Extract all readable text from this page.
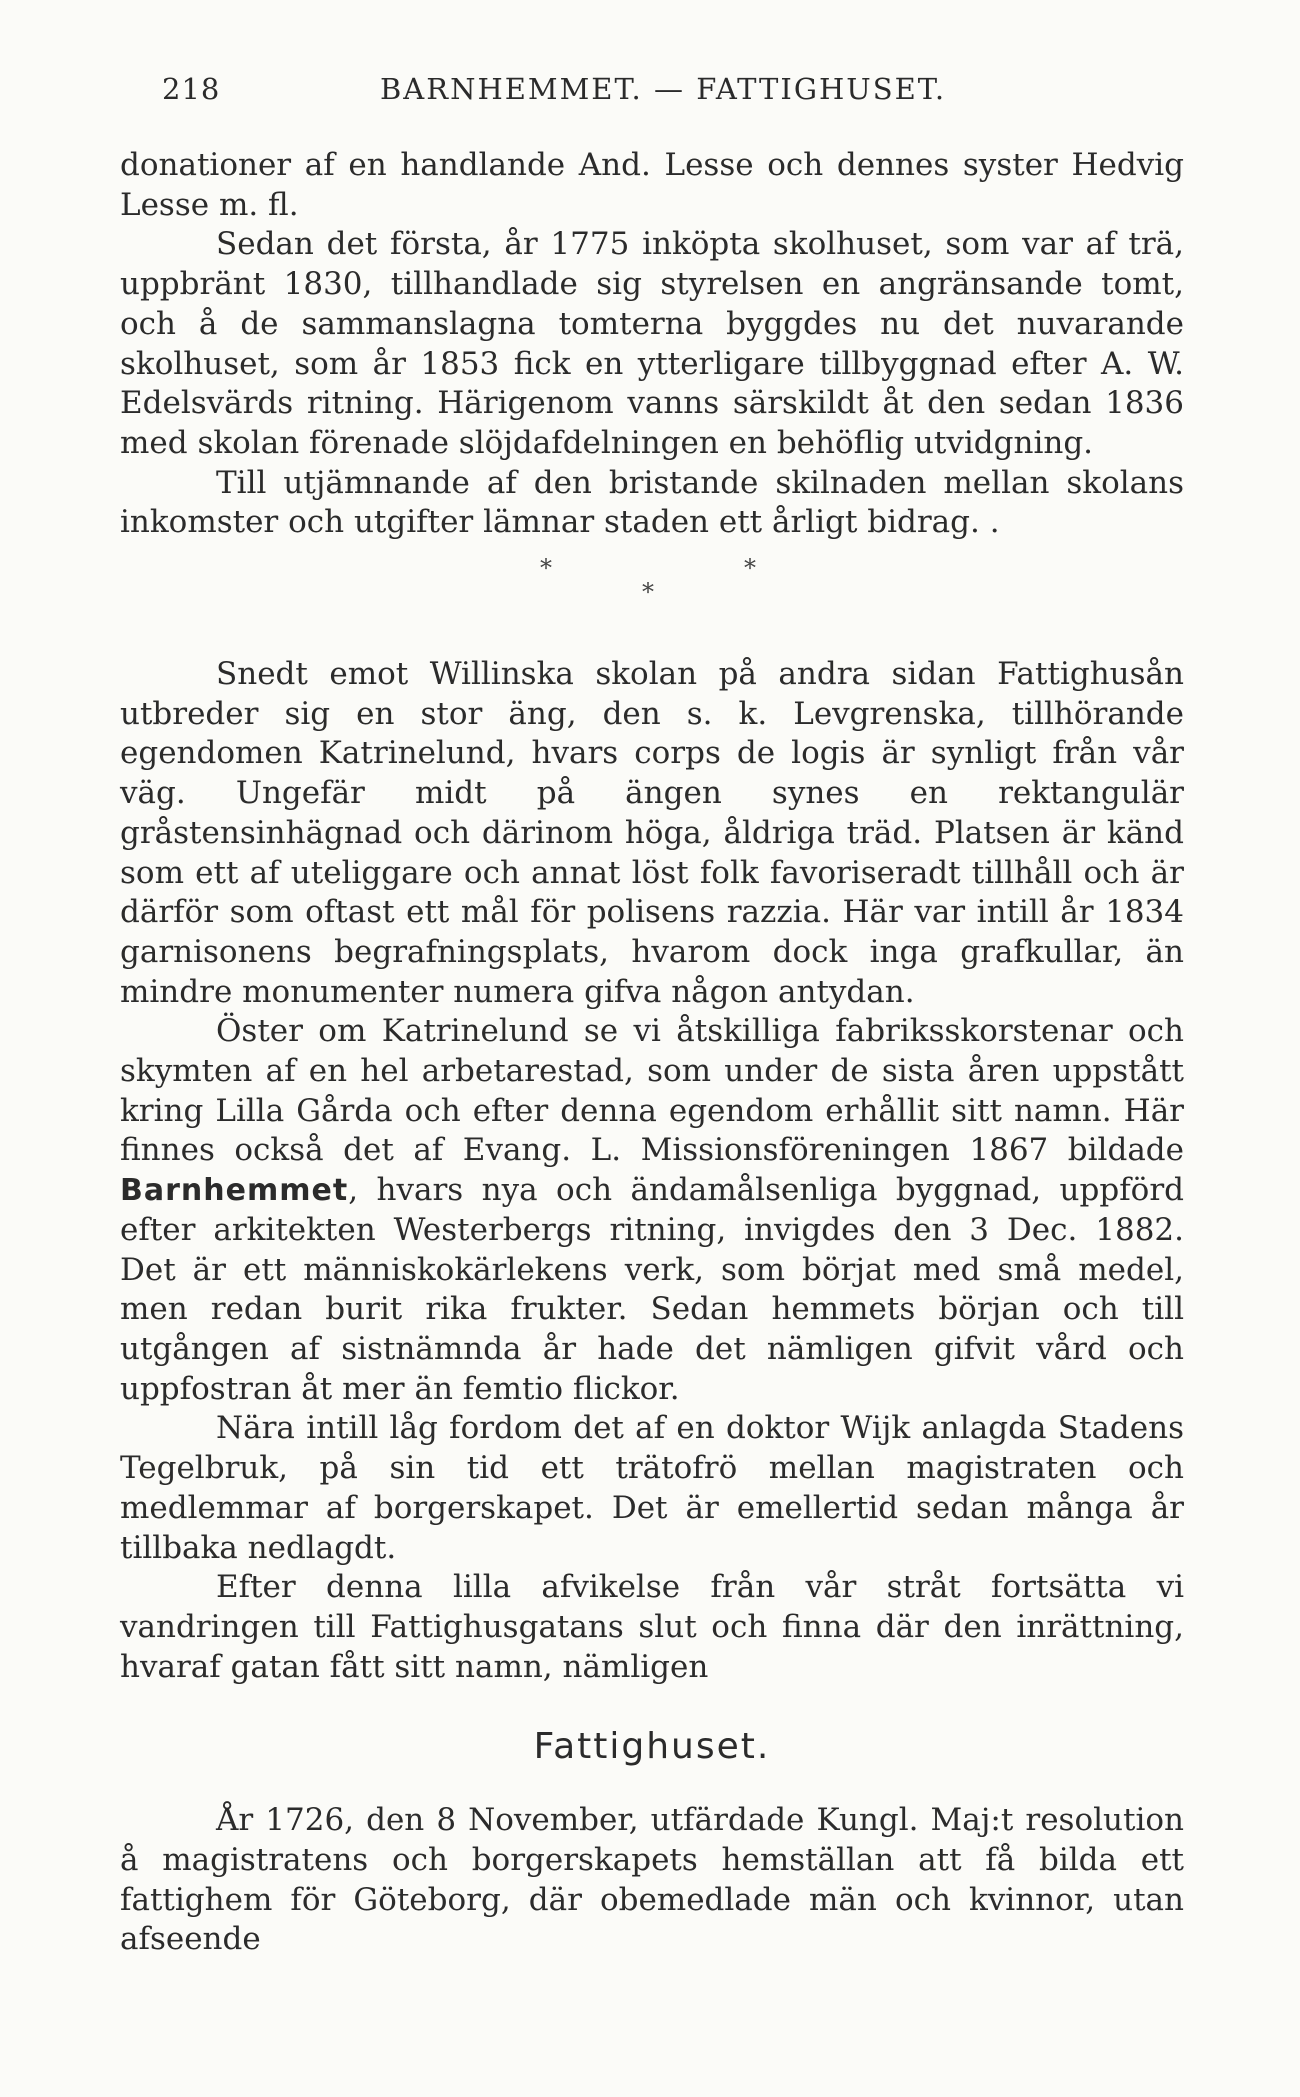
218	BARNHEMMET. — FATTIGHUSET.

donationer af en handlande And. Lesse och dennes syster Hedvig Lesse m. fl.

Sedan det första, år 1775 inköpta skolhuset, som var af trä, uppbränt 1830, tillhandlade sig styrelsen en angränsande tomt, och å de sammanslagna tomterna byggdes nu det nuvarande skolhuset, som år 1853 fick en ytterligare tillbyggnad efter A. W. Edelsvärds ritning. Härigenom vanns särskildt åt den sedan 1836 med skolan förenade slöjdafdelningen en behöflig utvidgning.

Till utjämnande af den bristande skilnaden mellan skolans inkomster och utgifter lämnar staden ett årligt bidrag. .

*	*
*

Snedt emot Willinska skolan på andra sidan Fattighusån utbreder sig en stor äng, den s. k. Levgrenska, tillhörande egendomen Katrinelund, hvars corps de logis är synligt från vår väg. Ungefär midt på ängen synes en rektangulär gråstensinhägnad och därinom höga, åldriga träd. Platsen är känd som ett af uteliggare och annat löst folk favoriseradt tillhåll och är därför som oftast ett mål för polisens razzia. Här var intill år 1834 garnisonens begrafningsplats, hvarom dock inga grafkullar, än mindre monumenter numera gifva någon antydan.

Öster om Katrinelund se vi åtskilliga fabriksskorstenar och skymten af en hel arbetarestad, som under de sista åren uppstått kring Lilla Gårda och efter denna egendom erhållit sitt namn. Här finnes också det af Evang. L. Missionsföreningen 1867 bildade Barnhemmet, hvars nya och ändamålsenliga byggnad, uppförd efter arkitekten Westerbergs ritning, invigdes den 3 Dec. 1882. Det är ett människokärlekens verk, som börjat med små medel, men redan burit rika frukter. Sedan hemmets början och till utgången af sistnämnda år hade det nämligen gifvit vård och uppfostran åt mer än femtio flickor.

Nära intill låg fordom det af en doktor Wijk anlagda Stadens Tegelbruk, på sin tid ett trätofrö mellan magistraten och medlemmar af borgerskapet. Det är emellertid sedan många år tillbaka nedlagdt.

Efter denna lilla afvikelse från vår stråt fortsätta vi vandringen till Fattighusgatans slut och finna där den inrättning, hvaraf gatan fått sitt namn, nämligen

Fattighuset.

År 1726, den 8 November, utfärdade Kungl. Maj:t resolution å magistratens och borgerskapets hemställan att få bilda ett fattighem för Göteborg, där obemedlade män och kvinnor, utan afseende
